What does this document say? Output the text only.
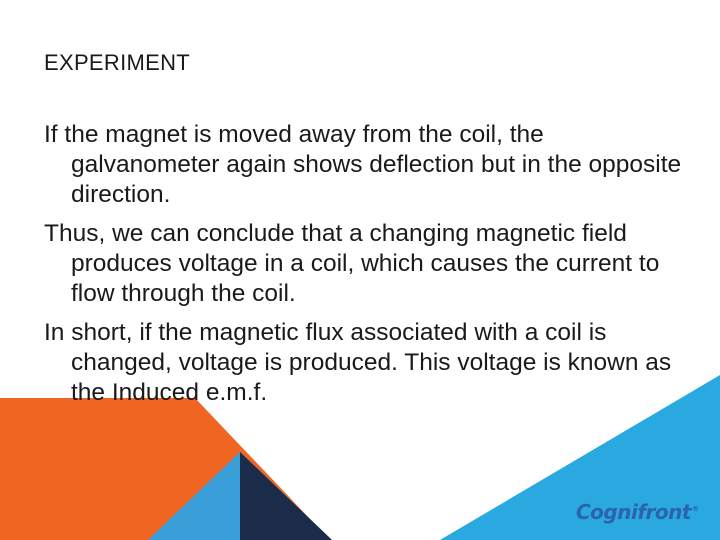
EXPERIMENT

If the magnet is moved away from the coil, the galvanometer again shows deflection but in the opposite direction.

Thus, we can conclude that a changing magnetic field produces voltage in a coil, which causes the current to flow through the coil.

In short, if the magnetic flux associated with a coil is changed, voltage is produced. This voltage is known as the Induced e.m.f.

Cognifront®
